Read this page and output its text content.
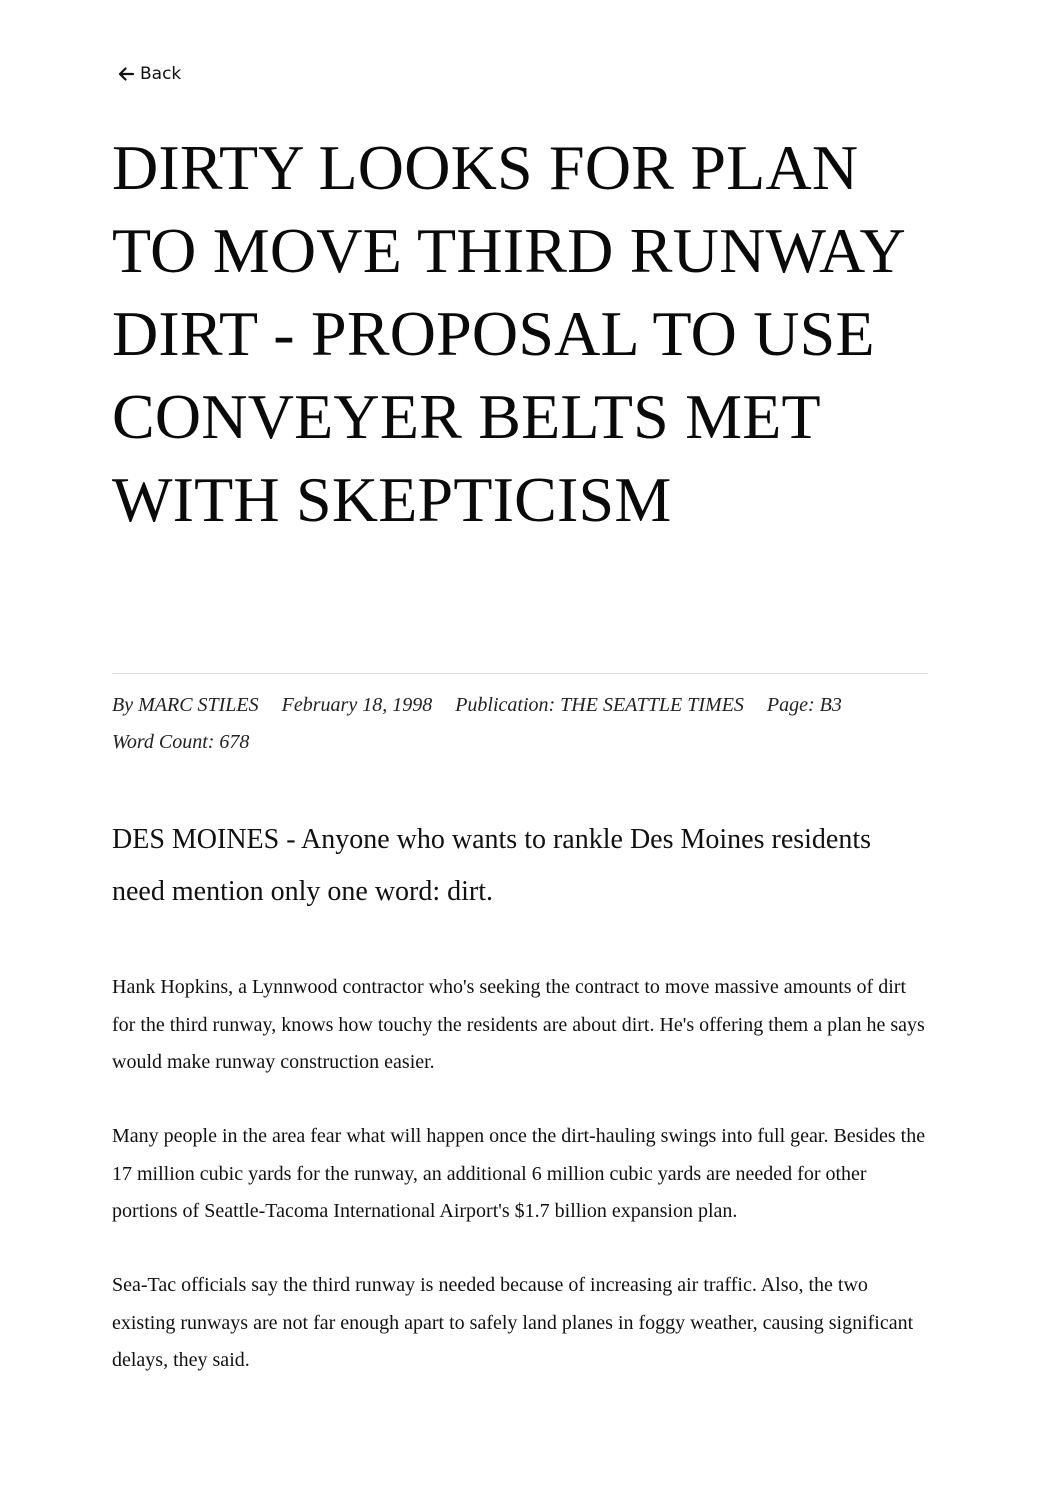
Back
DIRTY LOOKS FOR PLAN TO MOVE THIRD RUNWAY DIRT - PROPOSAL TO USE CONVEYER BELTS MET WITH SKEPTICISM
By MARC STILES February 18, 1998 Publication: THE SEATTLE TIMES Page: B3
Word Count: 678

DES MOINES - Anyone who wants to rankle Des Moines residents need mention only one word: dirt.

Hank Hopkins, a Lynnwood contractor who's seeking the contract to move massive amounts of dirt for the third runway, knows how touchy the residents are about dirt. He's offering them a plan he says would make runway construction easier.

Many people in the area fear what will happen once the dirt-hauling swings into full gear. Besides the 17 million cubic yards for the runway, an additional 6 million cubic yards are needed for other portions of Seattle-Tacoma International Airport's $1.7 billion expansion plan.

Sea-Tac officials say the third runway is needed because of increasing air traffic. Also, the two existing runways are not far enough apart to safely land planes in foggy weather, causing significant delays, they said.
